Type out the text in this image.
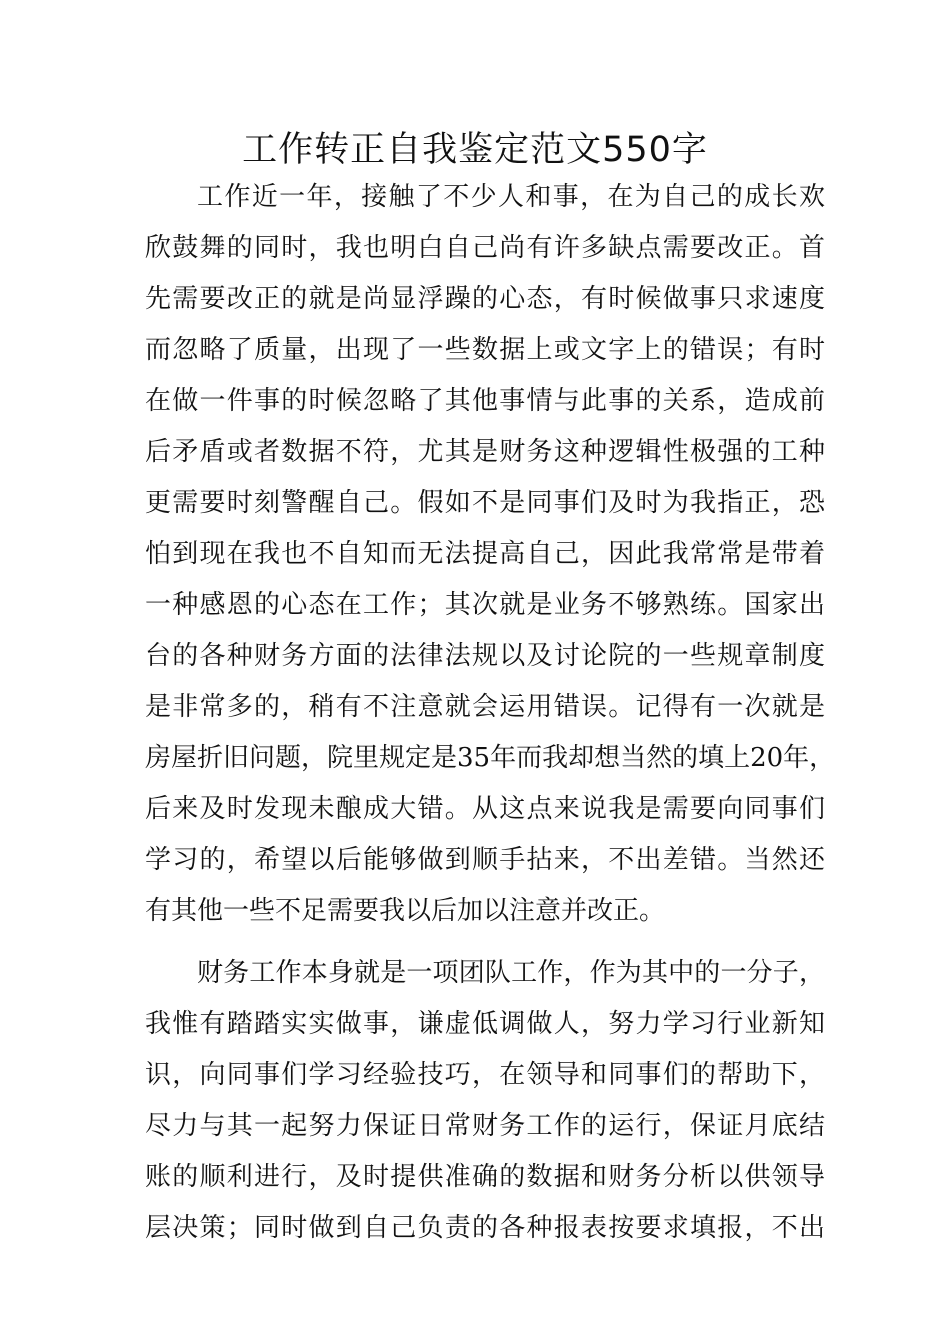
工作转正自我鉴定范文550字
工作近一年，接触了不少人和事，在为自己的成长欢
欣鼓舞的同时，我也明白自己尚有许多缺点需要改正。首
先需要改正的就是尚显浮躁的心态，有时候做事只求速度
而忽略了质量，出现了一些数据上或文字上的错误；有时
在做一件事的时候忽略了其他事情与此事的关系，造成前
后矛盾或者数据不符，尤其是财务这种逻辑性极强的工种
更需要时刻警醒自己。假如不是同事们及时为我指正，恐
怕到现在我也不自知而无法提高自己，因此我常常是带着
一种感恩的心态在工作；其次就是业务不够熟练。国家出
台的各种财务方面的法律法规以及讨论院的一些规章制度
是非常多的，稍有不注意就会运用错误。记得有一次就是
房屋折旧问题，院里规定是35年而我却想当然的填上20年，
后来及时发现未酿成大错。从这点来说我是需要向同事们
学习的，希望以后能够做到顺手拈来，不出差错。当然还
有其他一些不足需要我以后加以注意并改正。
财务工作本身就是一项团队工作，作为其中的一分子，
我惟有踏踏实实做事，谦虚低调做人，努力学习行业新知
识，向同事们学习经验技巧，在领导和同事们的帮助下，
尽力与其一起努力保证日常财务工作的运行，保证月底结
账的顺利进行，及时提供准确的数据和财务分析以供领导
层决策；同时做到自己负责的各种报表按要求填报，不出
